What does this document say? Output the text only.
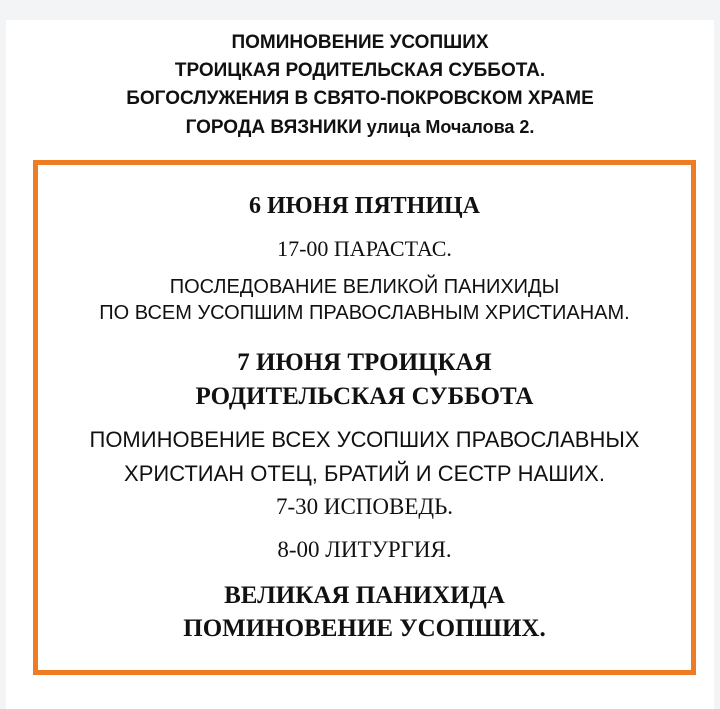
ПОМИНОВЕНИЕ УСОПШИХ
ТРОИЦКАЯ РОДИТЕЛЬСКАЯ СУББОТА.
БОГОСЛУЖЕНИЯ В СВЯТО-ПОКРОВСКОМ ХРАМЕ
ГОРОДА ВЯЗНИКИ улица Мочалова 2.
6 ИЮНЯ ПЯТНИЦА
17-00 ПАРАСТАС.
ПОСЛЕДОВАНИЕ ВЕЛИКОЙ ПАНИХИДЫ
ПО ВСЕМ УСОПШИМ ПРАВОСЛАВНЫМ ХРИСТИАНАМ.
7 ИЮНЯ ТРОИЦКАЯ
РОДИТЕЛЬСКАЯ СУББОТА
ПОМИНОВЕНИЕ ВСЕХ УСОПШИХ ПРАВОСЛАВНЫХ
ХРИСТИАН ОТЕЦ, БРАТИЙ И СЕСТР НАШИХ.
7-30 ИСПОВЕДЬ.
8-00 ЛИТУРГИЯ.
ВЕЛИКАЯ ПАНИХИДА
ПОМИНОВЕНИЕ УСОПШИХ.
